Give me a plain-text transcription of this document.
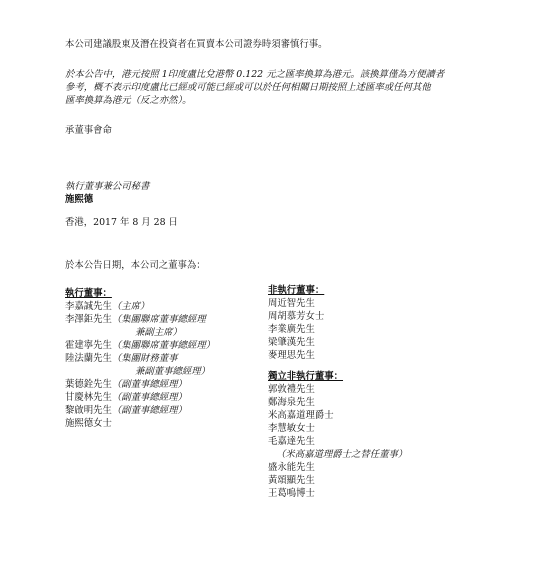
本公司建議股東及潛在投資者在買賣本公司證券時須審慎行事。
於本公告中，港元按照 1印度盧比兌港幣 0.122 元之匯率換算為港元。該換算僅為方便讀者
參考，概不表示印度盧比已經或可能已經或可以於任何相關日期按照上述匯率或任何其他
匯率換算為港元（反之亦然）。
承董事會命
執行董事兼公司秘書
施熙德
香港，2017 年 8 月 28 日
於本公告日期，本公司之董事為：
執行董事：
李嘉誠先生（主席）
李澤鉅先生（集團聯席董事總經理
兼副主席）
霍建寧先生（集團聯席董事總經理）
陸法蘭先生（集團財務董事
兼副董事總經理）
葉德銓先生（副董事總經理）
甘慶林先生（副董事總經理）
黎啟明先生（副董事總經理）
施熙德女士
非執行董事：
周近智先生
周胡慕芳女士
李業廣先生
梁肇漢先生
麥理思先生
獨立非執行董事：
郭敦禮先生
鄭海泉先生
米高嘉道理爵士
李慧敏女士
毛嘉達先生
（米高嘉道理爵士之替任董事）
盛永能先生
黃頌顯先生
王葛鳴博士
